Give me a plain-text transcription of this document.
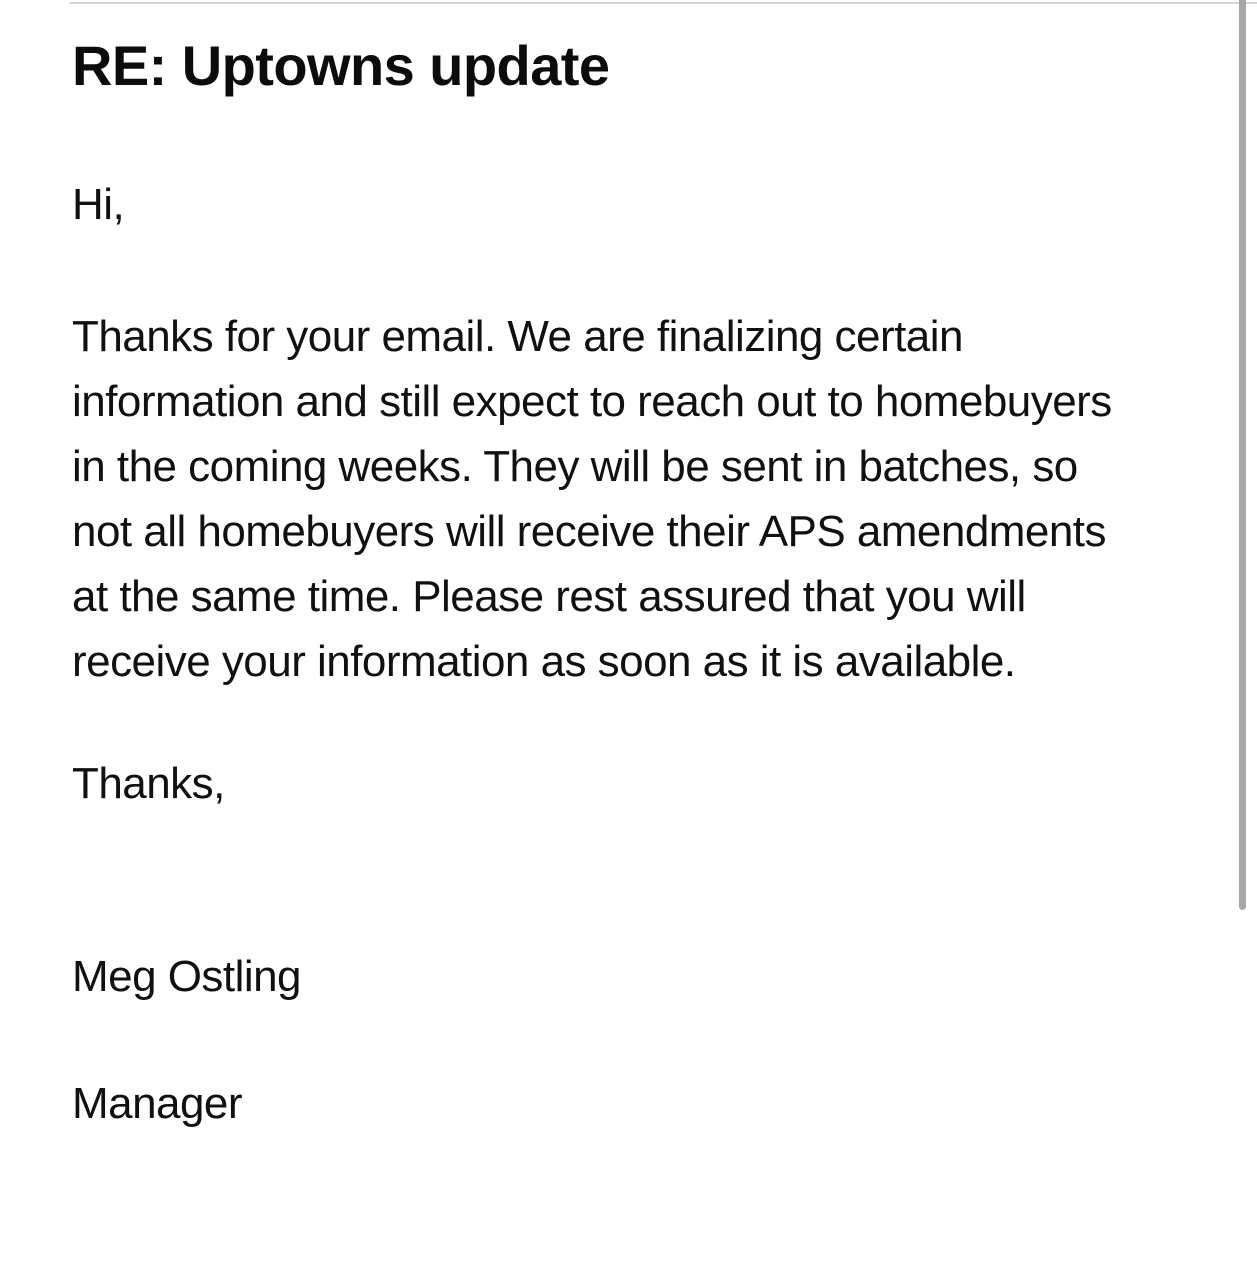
RE: Uptowns update
Hi,
Thanks for your email. We are finalizing certain
information and still expect to reach out to homebuyers
in the coming weeks. They will be sent in batches, so
not all homebuyers will receive their APS amendments
at the same time. Please rest assured that you will
receive your information as soon as it is available.
Thanks,
Meg Ostling
Manager
